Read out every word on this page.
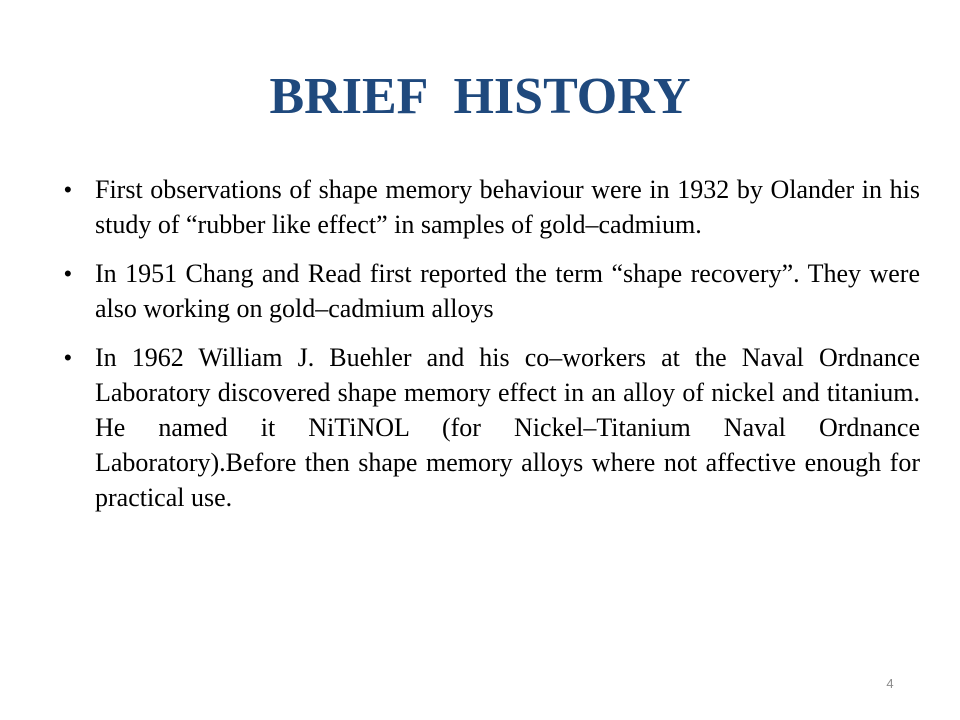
BRIEF HISTORY
• First observations of shape memory behaviour were in 1932 by Olander in his study of “rubber like effect” in samples of gold–cadmium.
• In 1951 Chang and Read first reported the term “shape recovery”. They were also working on gold–cadmium alloys
• In 1962 William J. Buehler and his co–workers at the Naval Ordnance Laboratory discovered shape memory effect in an alloy of nickel and titanium. He named it NiTiNOL (for Nickel–Titanium Naval Ordnance Laboratory).Before then shape memory alloys where not affective enough for practical use.
4
